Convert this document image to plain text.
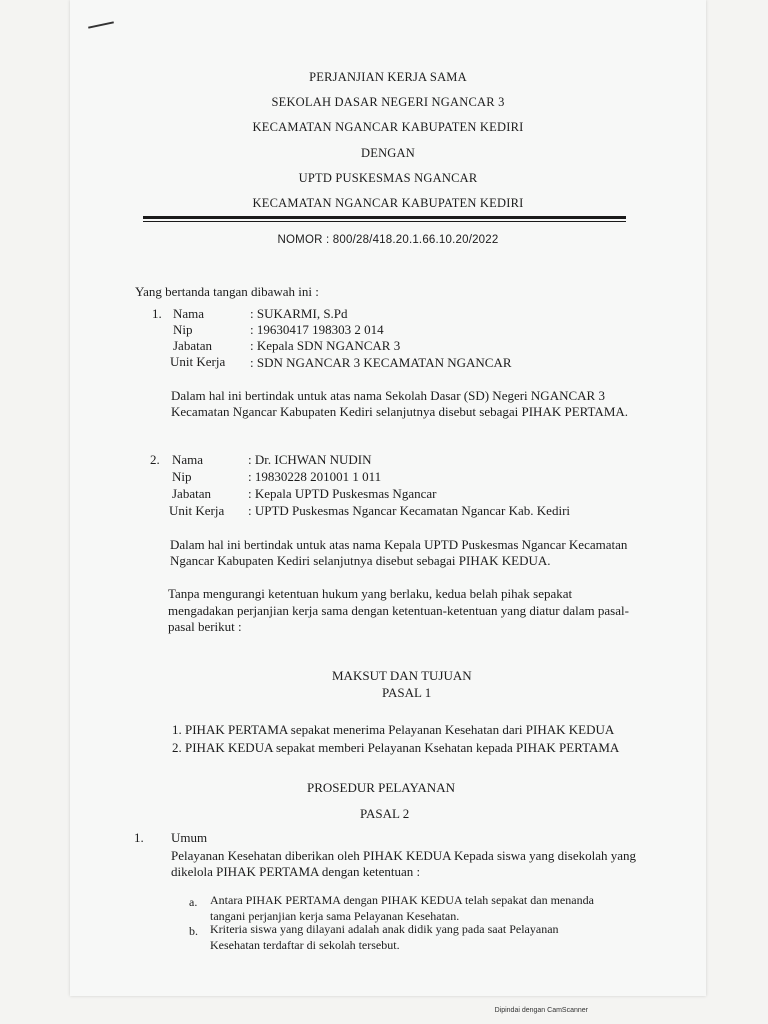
PERJANJIAN KERJA SAMA
SEKOLAH DASAR NEGERI NGANCAR 3
KECAMATAN NGANCAR KABUPATEN KEDIRI
DENGAN
UPTD PUSKESMAS NGANCAR
KECAMATAN NGANCAR KABUPATEN KEDIRI
NOMOR : 800/28/418.20.1.66.10.20/2022
Yang bertanda tangan dibawah ini :
1. Nama
Nip
Jabatan
Unit Kerja
: SUKARMI, S.Pd
: 19630417 198303 2 014
: Kepala SDN NGANCAR 3
: SDN NGANCAR 3 KECAMATAN NGANCAR
Dalam hal ini bertindak untuk atas nama Sekolah Dasar (SD) Negeri NGANCAR 3
Kecamatan Ngancar Kabupaten Kediri selanjutnya disebut sebagai PIHAK PERTAMA.
2. Nama
Nip
Jabatan
Unit Kerja
: Dr. ICHWAN NUDIN
: 19830228 201001 1 011
: Kepala UPTD Puskesmas Ngancar
: UPTD Puskesmas Ngancar Kecamatan Ngancar Kab. Kediri
Dalam hal ini bertindak untuk atas nama Kepala UPTD Puskesmas Ngancar Kecamatan
Ngancar Kabupaten Kediri selanjutnya disebut sebagai PIHAK KEDUA.
Tanpa mengurangi ketentuan hukum yang berlaku, kedua belah pihak sepakat
mengadakan perjanjian kerja sama dengan ketentuan-ketentuan yang diatur dalam pasal-
pasal berikut :
MAKSUT DAN TUJUAN
PASAL 1
1. PIHAK PERTAMA sepakat menerima Pelayanan Kesehatan dari PIHAK KEDUA
2. PIHAK KEDUA sepakat memberi Pelayanan Ksehatan kepada PIHAK PERTAMA
PROSEDUR PELAYANAN
PASAL 2
1. Umum
Pelayanan Kesehatan diberikan oleh PIHAK KEDUA Kepada siswa yang disekolah yang
dikelola PIHAK PERTAMA dengan ketentuan :
a. Antara PIHAK PERTAMA dengan PIHAK KEDUA telah sepakat dan menanda
tangani perjanjian kerja sama Pelayanan Kesehatan.
b. Kriteria siswa yang dilayani adalah anak didik yang pada saat Pelayanan
Kesehatan terdaftar di sekolah tersebut.
Dipindai dengan CamScanner
